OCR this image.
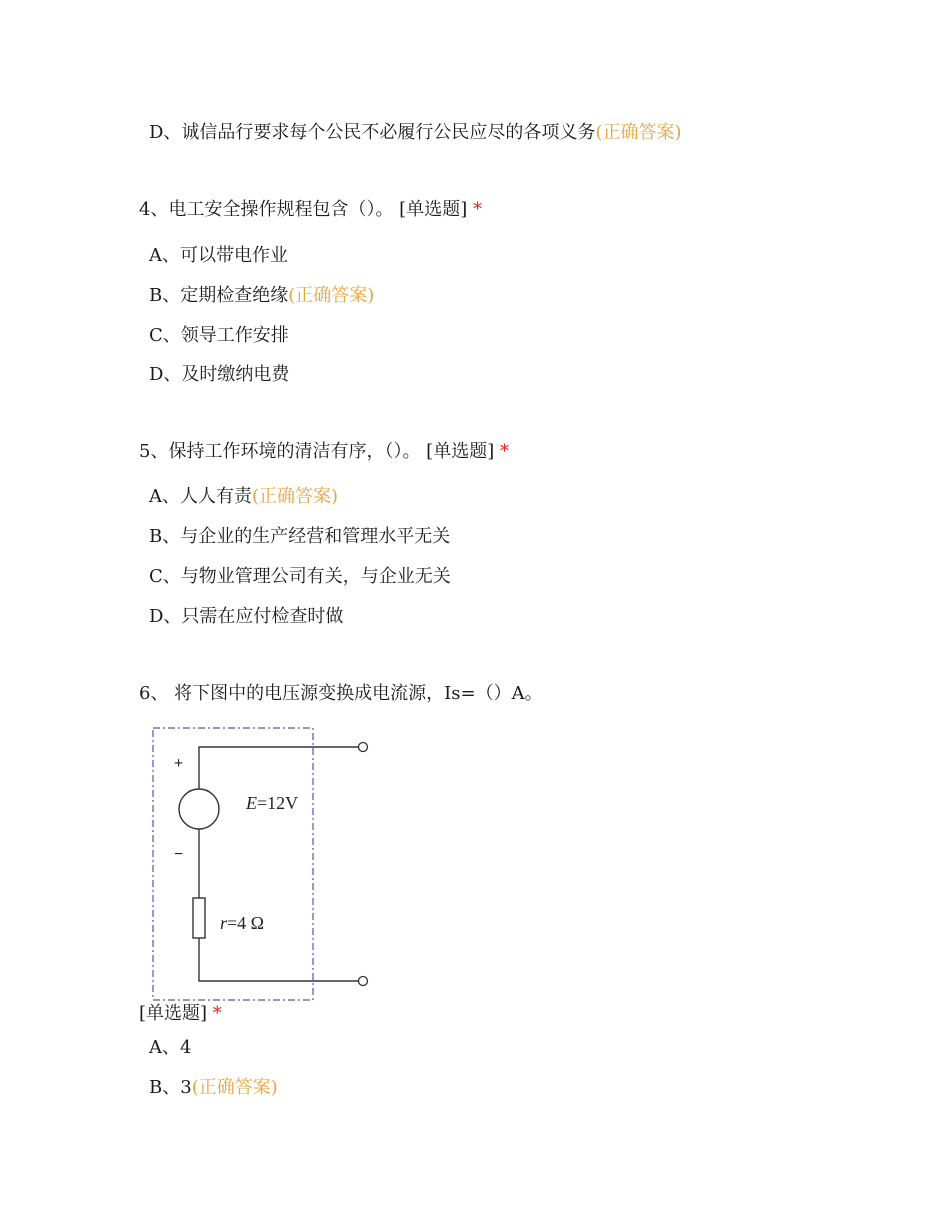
D、诚信品行要求每个公民不必履行公民应尽的各项义务(正确答案)
4、电工安全操作规程包含（）。 [单选题] *
A、可以带电作业
B、定期检查绝缘(正确答案)
C、领导工作安排
D、及时缴纳电费
5、保持工作环境的清洁有序，（）。 [单选题] *
A、人人有责(正确答案)
B、与企业的生产经营和管理水平无关
C、与物业管理公司有关，与企业无关
D、只需在应付检查时做
6、 将下图中的电压源变换成电流源，Is=（）A。
+
−
E=12V
r=4 Ω
[单选题] *
A、4
B、3(正确答案)
